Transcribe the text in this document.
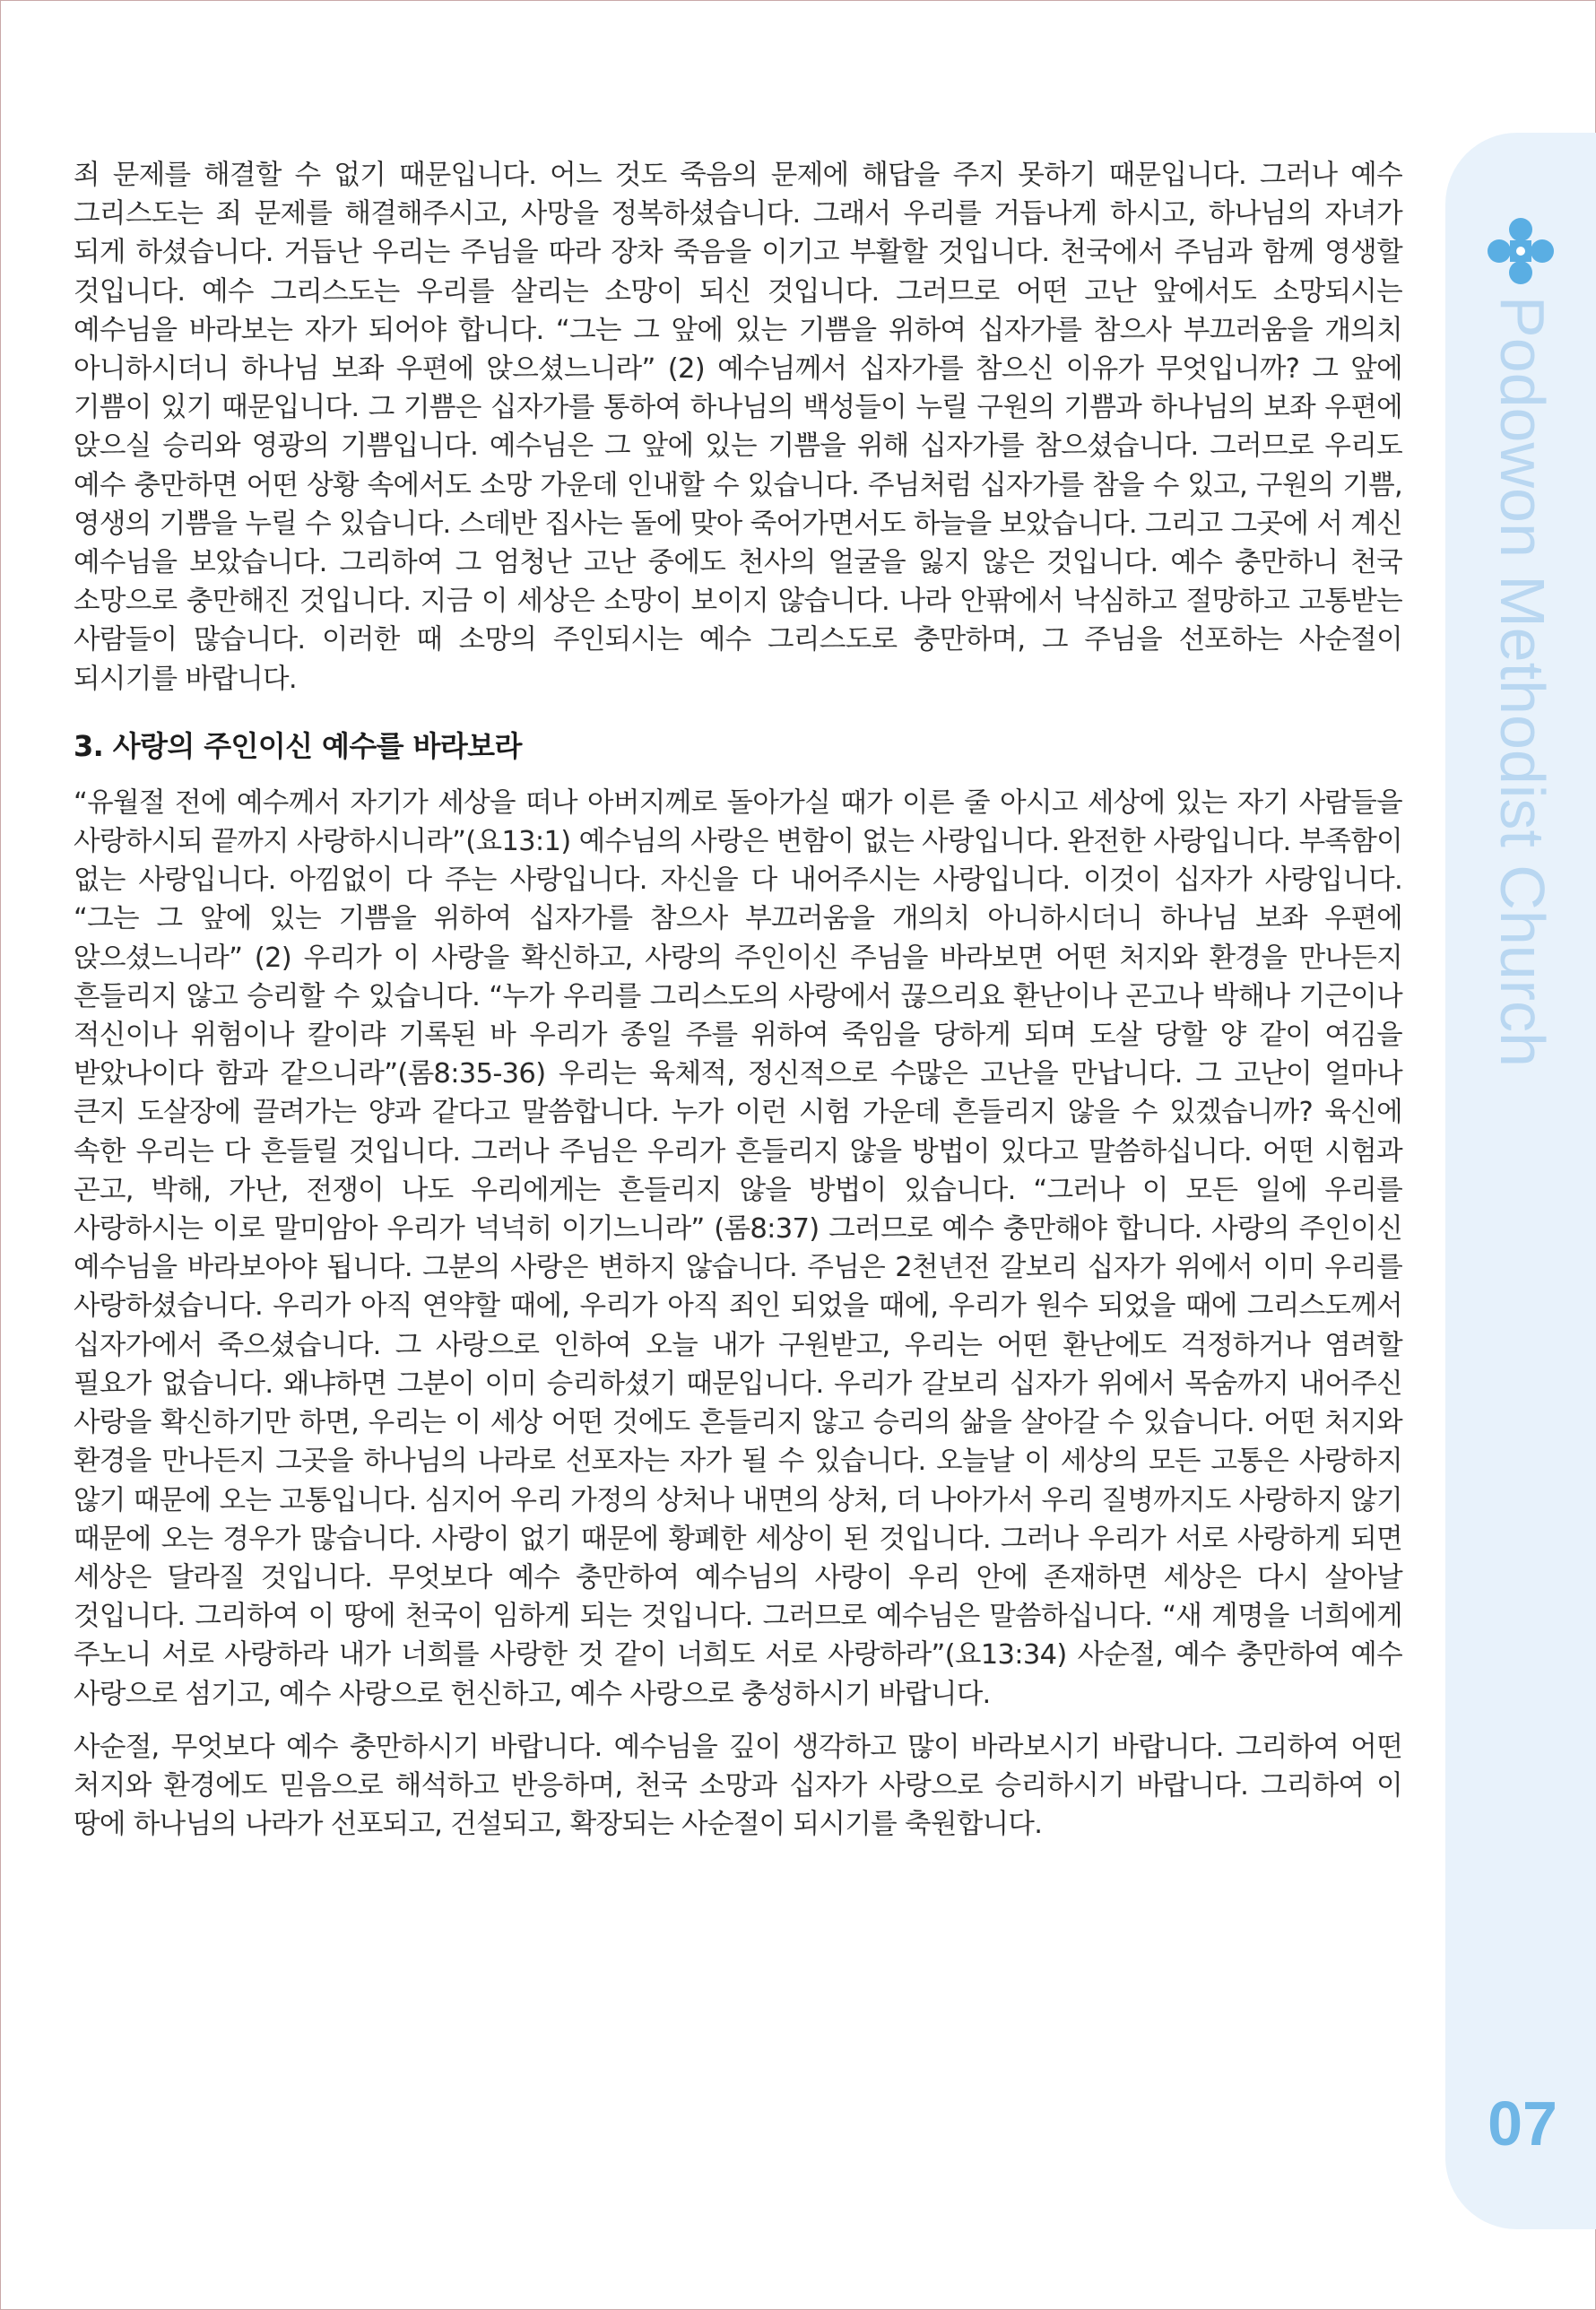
Podowon Methodist Church
07

죄 문제를 해결할 수 없기 때문입니다. 어느 것도 죽음의 문제에 해답을 주지 못하기 때문입니다. 그러나 예수 그리스도는 죄 문제를 해결해주시고, 사망을 정복하셨습니다. 그래서 우리를 거듭나게 하시고, 하나님의 자녀가 되게 하셨습니다. 거듭난 우리는 주님을 따라 장차 죽음을 이기고 부활할 것입니다. 천국에서 주님과 함께 영생할 것입니다. 예수 그리스도는 우리를 살리는 소망이 되신 것입니다. 그러므로 어떤 고난 앞에서도 소망되시는 예수님을 바라보는 자가 되어야 합니다. “그는 그 앞에 있는 기쁨을 위하여 십자가를 참으사 부끄러움을 개의치 아니하시더니 하나님 보좌 우편에 앉으셨느니라” (2) 예수님께서 십자가를 참으신 이유가 무엇입니까? 그 앞에 기쁨이 있기 때문입니다. 그 기쁨은 십자가를 통하여 하나님의 백성들이 누릴 구원의 기쁨과 하나님의 보좌 우편에 앉으실 승리와 영광의 기쁨입니다. 예수님은 그 앞에 있는 기쁨을 위해 십자가를 참으셨습니다. 그러므로 우리도 예수 충만하면 어떤 상황 속에서도 소망 가운데 인내할 수 있습니다. 주님처럼 십자가를 참을 수 있고, 구원의 기쁨, 영생의 기쁨을 누릴 수 있습니다. 스데반 집사는 돌에 맞아 죽어가면서도 하늘을 보았습니다. 그리고 그곳에 서 계신 예수님을 보았습니다. 그리하여 그 엄청난 고난 중에도 천사의 얼굴을 잃지 않은 것입니다. 예수 충만하니 천국 소망으로 충만해진 것입니다. 지금 이 세상은 소망이 보이지 않습니다. 나라 안팎에서 낙심하고 절망하고 고통받는 사람들이 많습니다. 이러한 때 소망의 주인되시는 예수 그리스도로 충만하며, 그 주님을 선포하는 사순절이 되시기를 바랍니다.

3. 사랑의 주인이신 예수를 바라보라

“유월절 전에 예수께서 자기가 세상을 떠나 아버지께로 돌아가실 때가 이른 줄 아시고 세상에 있는 자기 사람들을 사랑하시되 끝까지 사랑하시니라”(요13:1) 예수님의 사랑은 변함이 없는 사랑입니다. 완전한 사랑입니다. 부족함이 없는 사랑입니다. 아낌없이 다 주는 사랑입니다. 자신을 다 내어주시는 사랑입니다. 이것이 십자가 사랑입니다. “그는 그 앞에 있는 기쁨을 위하여 십자가를 참으사 부끄러움을 개의치 아니하시더니 하나님 보좌 우편에 앉으셨느니라” (2) 우리가 이 사랑을 확신하고, 사랑의 주인이신 주님을 바라보면 어떤 처지와 환경을 만나든지 흔들리지 않고 승리할 수 있습니다. “누가 우리를 그리스도의 사랑에서 끊으리요 환난이나 곤고나 박해나 기근이나 적신이나 위험이나 칼이랴 기록된 바 우리가 종일 주를 위하여 죽임을 당하게 되며 도살 당할 양 같이 여김을 받았나이다 함과 같으니라”(롬8:35-36) 우리는 육체적, 정신적으로 수많은 고난을 만납니다. 그 고난이 얼마나 큰지 도살장에 끌려가는 양과 같다고 말씀합니다. 누가 이런 시험 가운데 흔들리지 않을 수 있겠습니까? 육신에 속한 우리는 다 흔들릴 것입니다. 그러나 주님은 우리가 흔들리지 않을 방법이 있다고 말씀하십니다. 어떤 시험과 곤고, 박해, 가난, 전쟁이 나도 우리에게는 흔들리지 않을 방법이 있습니다. “그러나 이 모든 일에 우리를 사랑하시는 이로 말미암아 우리가 넉넉히 이기느니라” (롬8:37) 그러므로 예수 충만해야 합니다. 사랑의 주인이신 예수님을 바라보아야 됩니다. 그분의 사랑은 변하지 않습니다. 주님은 2천년전 갈보리 십자가 위에서 이미 우리를 사랑하셨습니다. 우리가 아직 연약할 때에, 우리가 아직 죄인 되었을 때에, 우리가 원수 되었을 때에 그리스도께서 십자가에서 죽으셨습니다. 그 사랑으로 인하여 오늘 내가 구원받고, 우리는 어떤 환난에도 걱정하거나 염려할 필요가 없습니다. 왜냐하면 그분이 이미 승리하셨기 때문입니다. 우리가 갈보리 십자가 위에서 목숨까지 내어주신 사랑을 확신하기만 하면, 우리는 이 세상 어떤 것에도 흔들리지 않고 승리의 삶을 살아갈 수 있습니다. 어떤 처지와 환경을 만나든지 그곳을 하나님의 나라로 선포자는 자가 될 수 있습니다. 오늘날 이 세상의 모든 고통은 사랑하지 않기 때문에 오는 고통입니다. 심지어 우리 가정의 상처나 내면의 상처, 더 나아가서 우리 질병까지도 사랑하지 않기 때문에 오는 경우가 많습니다. 사랑이 없기 때문에 황폐한 세상이 된 것입니다. 그러나 우리가 서로 사랑하게 되면 세상은 달라질 것입니다. 무엇보다 예수 충만하여 예수님의 사랑이 우리 안에 존재하면 세상은 다시 살아날 것입니다. 그리하여 이 땅에 천국이 임하게 되는 것입니다. 그러므로 예수님은 말씀하십니다. “새 계명을 너희에게 주노니 서로 사랑하라 내가 너희를 사랑한 것 같이 너희도 서로 사랑하라”(요13:34) 사순절, 예수 충만하여 예수 사랑으로 섬기고, 예수 사랑으로 헌신하고, 예수 사랑으로 충성하시기 바랍니다.

사순절, 무엇보다 예수 충만하시기 바랍니다. 예수님을 깊이 생각하고 많이 바라보시기 바랍니다. 그리하여 어떤 처지와 환경에도 믿음으로 해석하고 반응하며, 천국 소망과 십자가 사랑으로 승리하시기 바랍니다. 그리하여 이 땅에 하나님의 나라가 선포되고, 건설되고, 확장되는 사순절이 되시기를 축원합니다.
